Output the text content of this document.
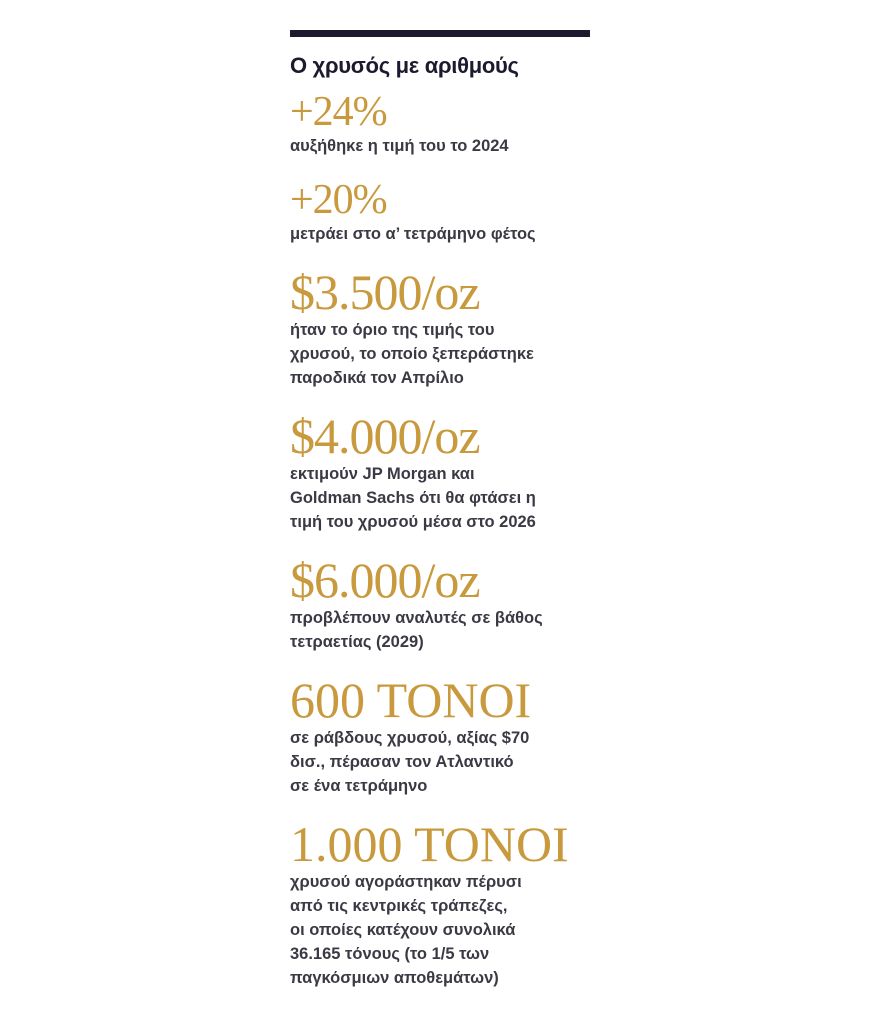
Ο χρυσός με αριθμούς
+24%
αυξήθηκε η τιμή του το 2024
+20%
μετράει στο α’ τετράμηνο φέτος
$3.500/oz
ήταν το όριο της τιμής του
χρυσού, το οποίο ξεπεράστηκε
παροδικά τον Απρίλιο
$4.000/oz
εκτιμούν JP Morgan και
Goldman Sachs ότι θα φτάσει η
τιμή του χρυσού μέσα στο 2026
$6.000/oz
προβλέπουν αναλυτές σε βάθος
τετραετίας (2029)
600 ΤΟΝΟΙ
σε ράβδους χρυσού, αξίας $70
δισ., πέρασαν τον Ατλαντικό
σε ένα τετράμηνο
1.000 ΤΟΝΟΙ
χρυσού αγοράστηκαν πέρυσι
από τις κεντρικές τράπεζες,
οι οποίες κατέχουν συνολικά
36.165 τόνους (το 1/5 των
παγκόσμιων αποθεμάτων)
